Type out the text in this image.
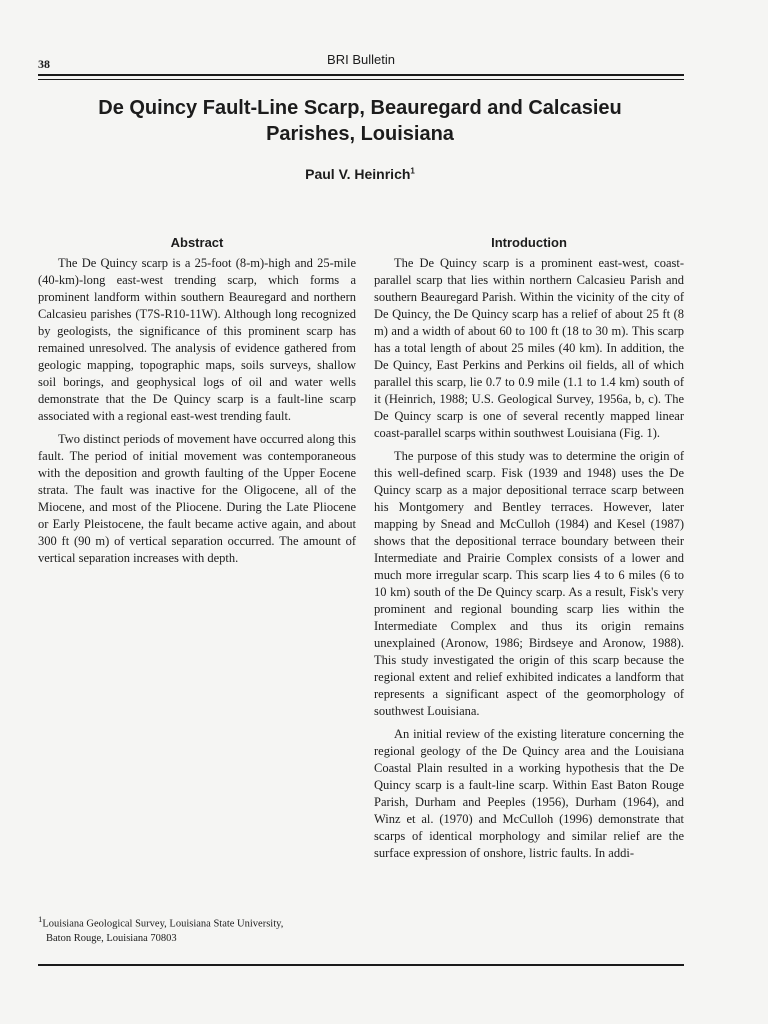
38	BRI Bulletin
De Quincy Fault-Line Scarp, Beauregard and Calcasieu Parishes, Louisiana

Paul V. Heinrich$^1$

Abstract

The De Quincy scarp is a 25-foot (8-m)-high and 25-mile (40-km)-long east-west trending scarp, which forms a prominent landform within southern Beauregard and northern Calcasieu parishes (T7S-R10-11W). Although long recognized by geologists, the significance of this prominent scarp has remained unresolved. The analysis of evidence gathered from geologic mapping, topographic maps, soils surveys, shallow soil borings, and geophysical logs of oil and water wells demonstrate that the De Quincy scarp is a fault-line scarp associated with a regional east-west trending fault.

Two distinct periods of movement have occurred along this fault. The period of initial movement was contemporaneous with the deposition and growth faulting of the Upper Eocene strata. The fault was inactive for the Oligocene, all of the Miocene, and most of the Pliocene. During the Late Pliocene or Early Pleistocene, the fault became active again, and about 300 ft (90 m) of vertical separation occurred. The amount of vertical separation increases with depth.

Introduction

The De Quincy scarp is a prominent east-west, coast-parallel scarp that lies within northern Calcasieu Parish and southern Beauregard Parish. Within the vicinity of the city of De Quincy, the De Quincy scarp has a relief of about 25 ft (8 m) and a width of about 60 to 100 ft (18 to 30 m). This scarp has a total length of about 25 miles (40 km). In addition, the De Quincy, East Perkins and Perkins oil fields, all of which parallel this scarp, lie 0.7 to 0.9 mile (1.1 to 1.4 km) south of it (Heinrich, 1988; U.S. Geological Survey, 1956a, b, c). The De Quincy scarp is one of several recently mapped linear coast-parallel scarps within southwest Louisiana (Fig. 1).

The purpose of this study was to determine the origin of this well-defined scarp. Fisk (1939 and 1948) uses the De Quincy scarp as a major depositional terrace scarp between his Montgomery and Bentley terraces. However, later mapping by Snead and McCulloh (1984) and Kesel (1987) shows that the depositional terrace boundary between their Intermediate and Prairie Complex consists of a lower and much more irregular scarp. This scarp lies 4 to 6 miles (6 to 10 km) south of the De Quincy scarp. As a result, Fisk's very prominent and regional bounding scarp lies within the Intermediate Complex and thus its origin remains unexplained (Aronow, 1986; Birdseye and Aronow, 1988). This study investigated the origin of this scarp because the regional extent and relief exhibited indicates a landform that represents a significant aspect of the geomorphology of southwest Louisiana.

An initial review of the existing literature concerning the regional geology of the De Quincy area and the Louisiana Coastal Plain resulted in a working hypothesis that the De Quincy scarp is a fault-line scarp. Within East Baton Rouge Parish, Durham and Peeples (1956), Durham (1964), and Winz et al. (1970) and McCulloh (1996) demonstrate that scarps of identical morphology and similar relief are the surface expression of onshore, listric faults. In addi-

$^1$Louisiana Geological Survey, Louisiana State University,
Baton Rouge, Louisiana 70803
